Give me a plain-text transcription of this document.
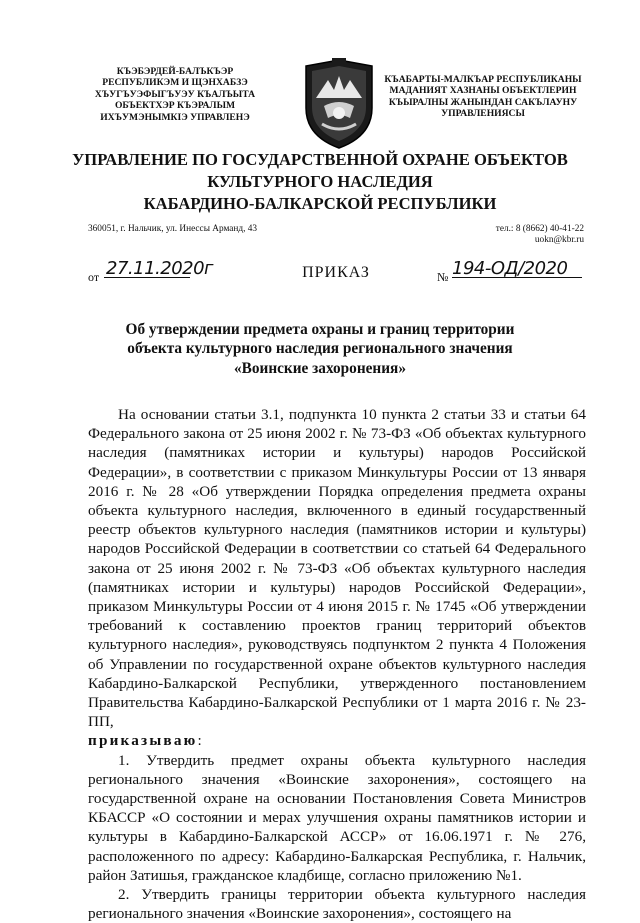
КЪЭБЭРДЕЙ-БАЛЪКЪЭР
РЕСПУБЛИКЭМ И ЩЭНХАБЗЭ
ХЪУГЪУЭФЫГЪУЭУ КЪАЛЪЫТА
ОБЪЕКТХЭР КЪЭРАЛЫМ
ИХЪУМЭНЫМКIЭ УПРАВЛЕНЭ
КЪАБАРТЫ-МАЛКЪАР РЕСПУБЛИКАНЫ
МАДАНИЯТ ХАЗНАНЫ ОБЪЕКТЛЕРИН
КЪЫРАЛНЫ ЖАНЫНДАН САКЪЛАУНУ
УПРАВЛЕНИЯСЫ
УПРАВЛЕНИЕ ПО ГОСУДАРСТВЕННОЙ ОХРАНЕ ОБЪЕКТОВ
КУЛЬТУРНОГО НАСЛЕДИЯ
КАБАРДИНО-БАЛКАРСКОЙ РЕСПУБЛИКИ
360051, г. Нальчик, ул. Инессы Арманд, 43	тел.: 8 (8662) 40-41-22
uokn@kbr.ru
от 27.11.2020г	ПРИКАЗ	№ 194-ОД/2020
Об утверждении предмета охраны и границ территории
объекта культурного наследия регионального значения
«Воинские захоронения»

На основании статьи 3.1, подпункта 10 пункта 2 статьи 33 и статьи 64 Федерального закона от 25 июня 2002 г. № 73-ФЗ «Об объектах культурного наследия (памятниках истории и культуры) народов Российской Федерации», в соответствии с приказом Минкультуры России от 13 января 2016 г. № 28 «Об утверждении Порядка определения предмета охраны объекта культурного наследия, включенного в единый государственный реестр объектов культурного наследия (памятников истории и культуры) народов Российской Федерации в соответствии со статьей 64 Федерального закона от 25 июня 2002 г. № 73-ФЗ «Об объектах культурного наследия (памятниках истории и культуры) народов Российской Федерации», приказом Минкультуры России от 4 июня 2015 г. № 1745 «Об утверждении требований к составлению проектов границ территорий объектов культурного наследия», руководствуясь подпунктом 2 пункта 4 Положения об Управлении по государственной охране объектов культурного наследия Кабардино-Балкарской Республики, утвержденного постановлением Правительства Кабардино-Балкарской Республики от 1 марта 2016 г. № 23-ПП,

приказываю:

1. Утвердить предмет охраны объекта культурного наследия регионального значения «Воинские захоронения», состоящего на государственной охране на основании Постановления Совета Министров КБАССР «О состоянии и мерах улучшения охраны памятников истории и культуры в Кабардино-Балкарской АССР» от 16.06.1971 г. № 276, расположенного по адресу: Кабардино-Балкарская Республика, г. Нальчик, район Затишья, гражданское кладбище, согласно приложению №1.

2. Утвердить границы территории объекта культурного наследия регионального значения «Воинские захоронения», состоящего на
